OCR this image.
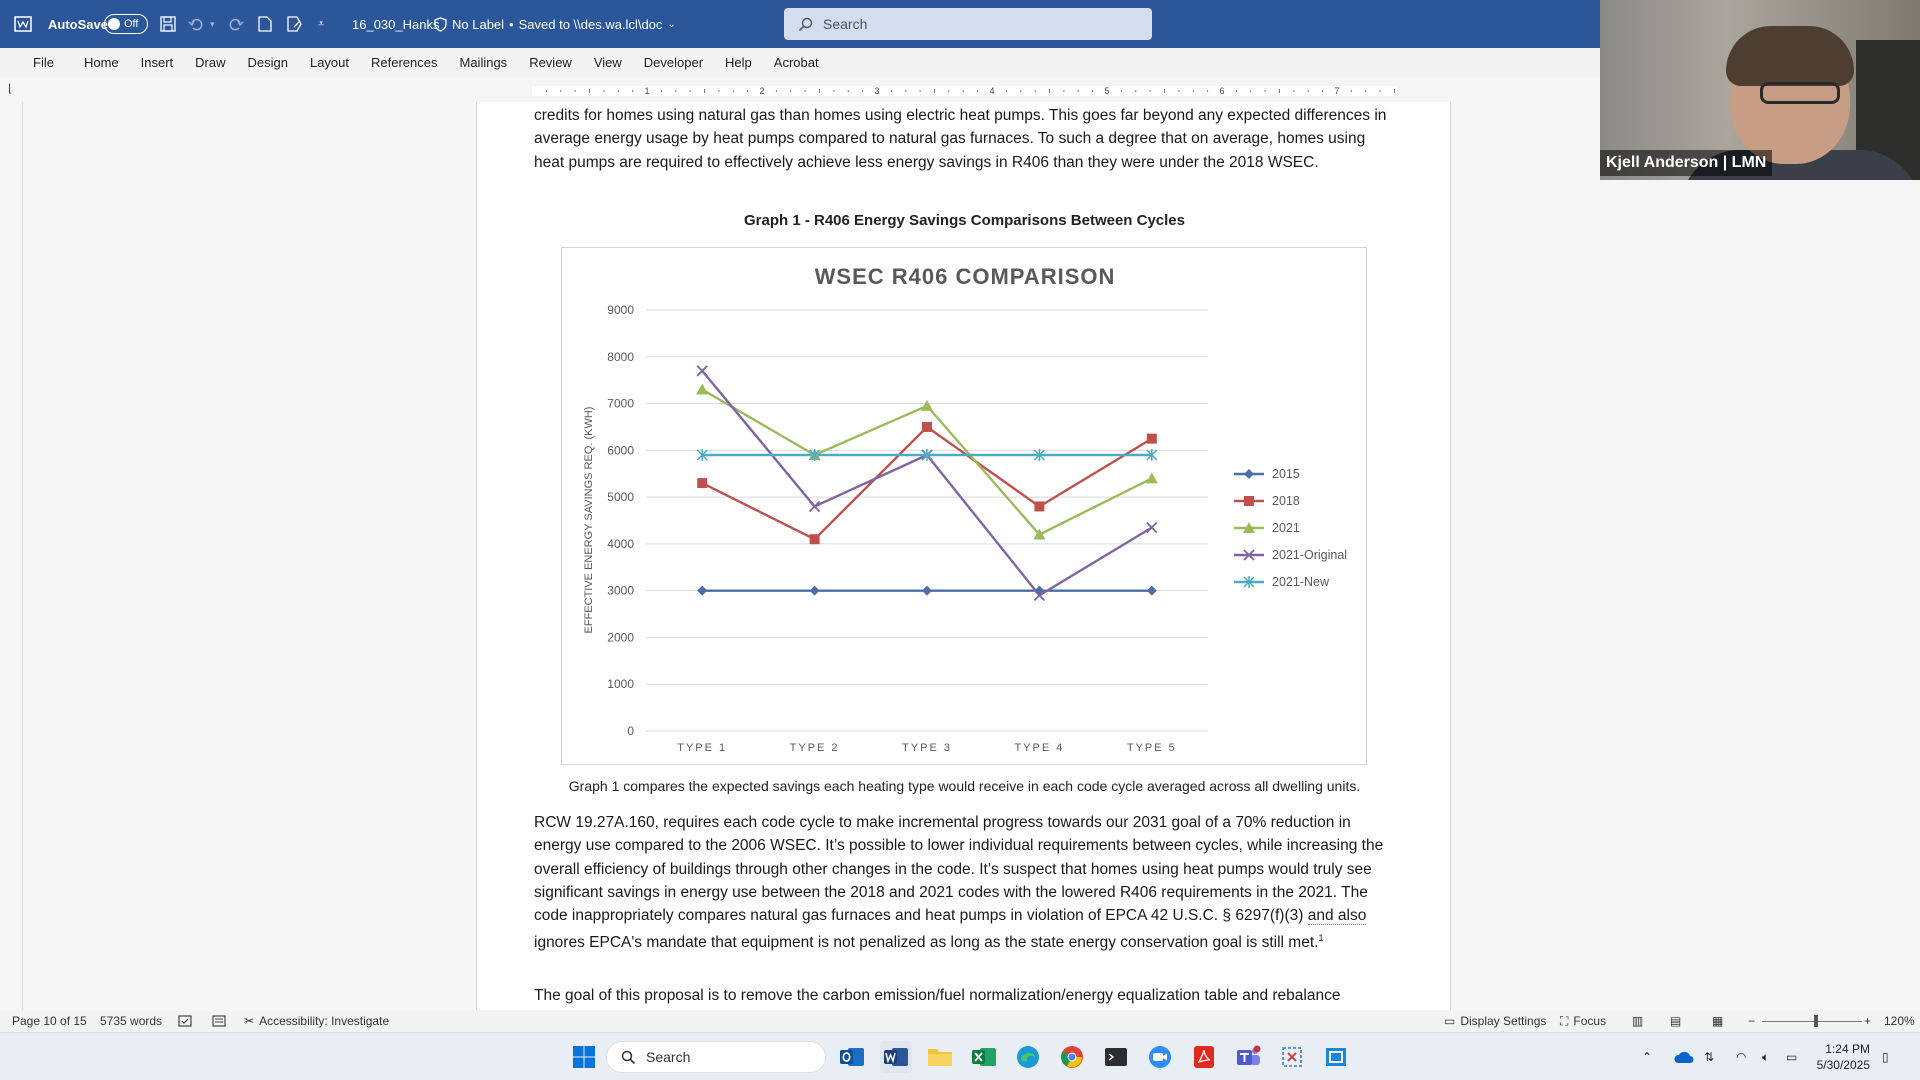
AutoSave Off	▾	⩡ 16_030_Hanks No Label • Saved to \\des.wa.lcl\doc ⌄	Search
File	Home	Insert	Draw	Design	Layout	References	Mailings	Review	View	Developer	Help	Acrobat
⌊	1	2	3	4	5	6	7

credits for homes using natural gas than homes using electric heat pumps. This goes far beyond any expected differences in average energy usage by heat pumps compared to natural gas furnaces. To such a degree that on average, homes using heat pumps are required to effectively achieve less energy savings in R406 than they were under the 2018 WSEC.

Graph 1 - R406 Energy Savings Comparisons Between Cycles
WSEC R406 COMPARISON
EFFECTIVE ENERGY SAVINGS REQ. (KWH)
0
1000
2000
3000
4000
5000
6000
7000
8000
9000
TYPE 1	TYPE 2	TYPE 3	TYPE 4	TYPE 5
2015
2018
2021
2021-Original
2021-New
Graph 1 compares the expected savings each heating type would receive in each code cycle averaged across all dwelling units.

RCW 19.27A.160, requires each code cycle to make incremental progress towards our 2031 goal of a 70% reduction in energy use compared to the 2006 WSEC. It’s possible to lower individual requirements between cycles, while increasing the overall efficiency of buildings through other changes in the code. It’s suspect that homes using heat pumps would truly see significant savings in energy use between the 2018 and 2021 codes with the lowered R406 requirements in the 2021. The code inappropriately compares natural gas furnaces and heat pumps in violation of EPCA 42 U.S.C. § 6297(f)(3) and also ignores EPCA's mandate that equipment is not penalized as long as the state energy conservation goal is still met.$^1$

The goal of this proposal is to remove the carbon emission/fuel normalization/energy equalization table and rebalance

Kjell Anderson | LMN
Page 10 of 15 5735 words	✂ Accessibility: Investigate	▭ Display Settings ⛶ Focus ▥ ▤	▦ −	+ 120%
Search	⌃	⇅ ◠ 🔈︎ ▭
1:24 PM
5/30/2025
▯
